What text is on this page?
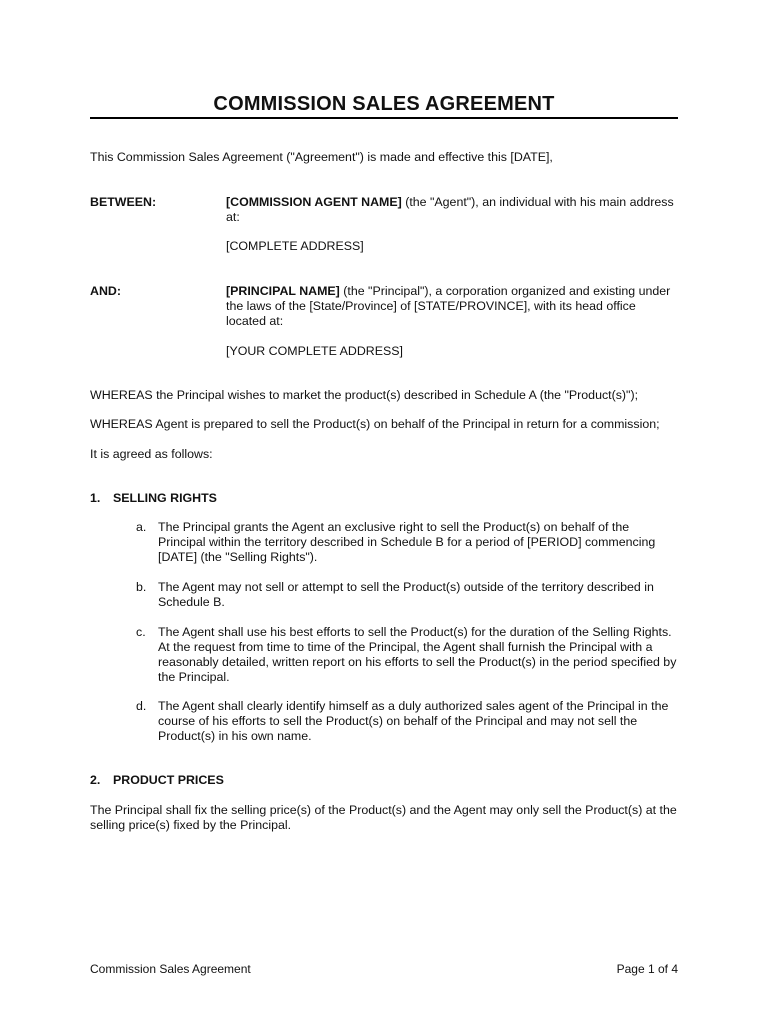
COMMISSION SALES AGREEMENT
This Commission Sales Agreement ("Agreement") is made and effective this [DATE],
BETWEEN:	[COMMISSION AGENT NAME] (the "Agent"), an individual with his main address at:
[COMPLETE ADDRESS]
AND:	[PRINCIPAL NAME] (the "Principal"), a corporation organized and existing under the laws of the [State/Province] of [STATE/PROVINCE], with its head office located at:
[YOUR COMPLETE ADDRESS]
WHEREAS the Principal wishes to market the product(s) described in Schedule A (the "Product(s)");
WHEREAS Agent is prepared to sell the Product(s) on behalf of the Principal in return for a commission;
It is agreed as follows:
1. SELLING RIGHTS
a. The Principal grants the Agent an exclusive right to sell the Product(s) on behalf of the Principal within the territory described in Schedule B for a period of [PERIOD] commencing [DATE] (the "Selling Rights").
b. The Agent may not sell or attempt to sell the Product(s) outside of the territory described in Schedule B.
c. The Agent shall use his best efforts to sell the Product(s) for the duration of the Selling Rights. At the request from time to time of the Principal, the Agent shall furnish the Principal with a reasonably detailed, written report on his efforts to sell the Product(s) in the period specified by the Principal.
d. The Agent shall clearly identify himself as a duly authorized sales agent of the Principal in the course of his efforts to sell the Product(s) on behalf of the Principal and may not sell the Product(s) in his own name.
2. PRODUCT PRICES
The Principal shall fix the selling price(s) of the Product(s) and the Agent may only sell the Product(s) at the selling price(s) fixed by the Principal.
Commission Sales Agreement	Page 1 of 4
